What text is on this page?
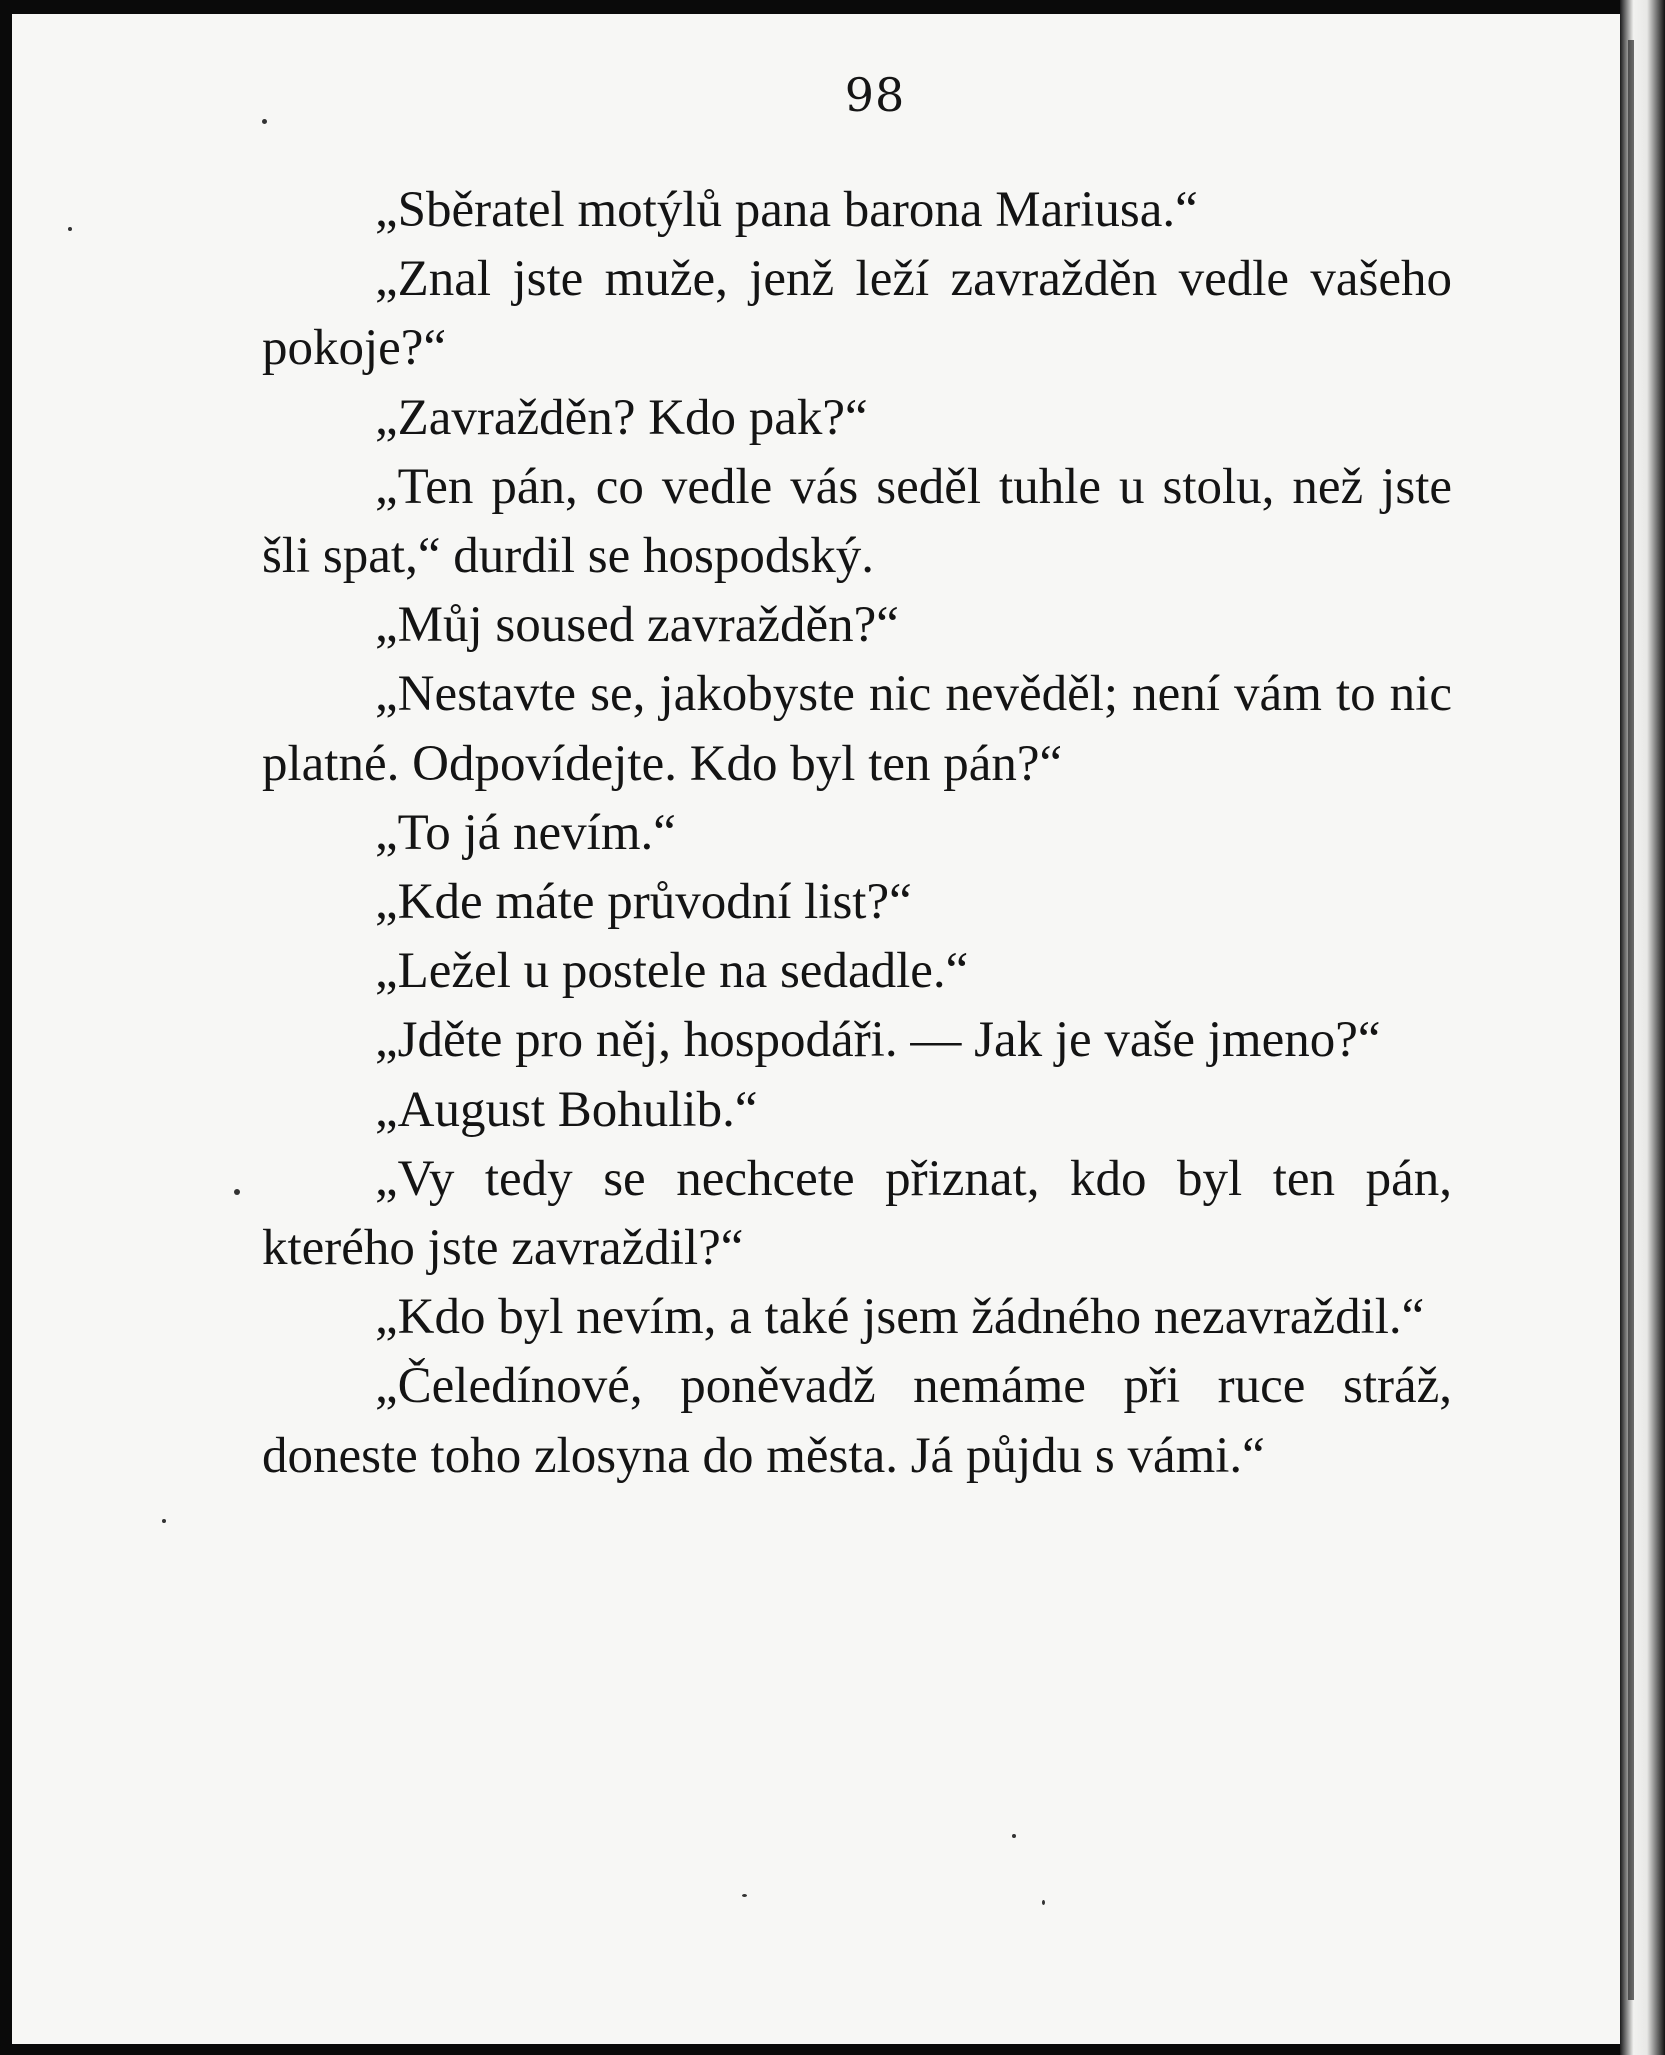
98

„Sběratel motýlů pana barona Mariusa.“

„Znal jste muže, jenž leží zavražděn vedle vašeho pokoje?“

„Zavražděn? Kdo pak?“

„Ten pán, co vedle vás seděl tuhle u stolu, než jste šli spat,“ durdil se hospodský.

„Můj soused zavražděn?“

„Nestavte se, jakobyste nic nevěděl; není vám to nic platné. Odpovídejte. Kdo byl ten pán?“

„To já nevím.“

„Kde máte průvodní list?“

„Ležel u postele na sedadle.“

„Jděte pro něj, hospodáři. — Jak je vaše jmeno?“

„August Bohulib.“

„Vy tedy se nechcete přiznat, kdo byl ten pán, kterého jste zavraždil?“

„Kdo byl nevím, a také jsem žádného nezavraždil.“

„Čeledínové, poněvadž nemáme při ruce stráž, doneste toho zlosyna do města. Já půjdu s vámi.“
